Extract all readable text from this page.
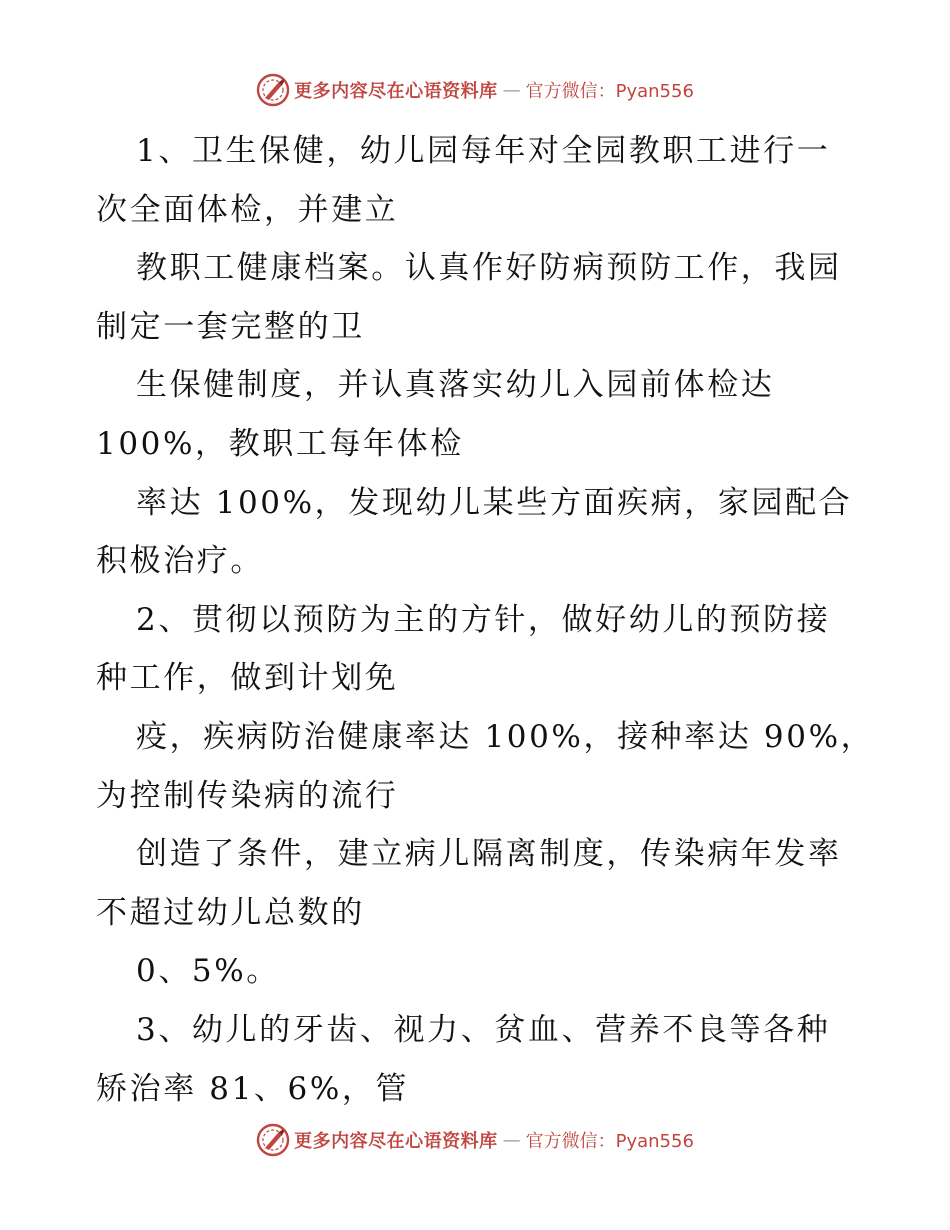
更多内容尽在心语资料库 — 官方微信：Pyan556
1、卫生保健，幼儿园每年对全园教职工进行一
次全面体检，并建立
教职工健康档案。认真作好防病预防工作，我园
制定一套完整的卫
生保健制度，并认真落实幼儿入园前体检达
100%，教职工每年体检
率达 100%，发现幼儿某些方面疾病，家园配合
积极治疗。
2、贯彻以预防为主的方针，做好幼儿的预防接
种工作，做到计划免
疫，疾病防治健康率达 100%，接种率达 90%，
为控制传染病的流行
创造了条件，建立病儿隔离制度，传染病年发率
不超过幼儿总数的
0、5%。
3、幼儿的牙齿、视力、贫血、营养不良等各种
矫治率 81、6%，管
更多内容尽在心语资料库 — 官方微信：Pyan556
